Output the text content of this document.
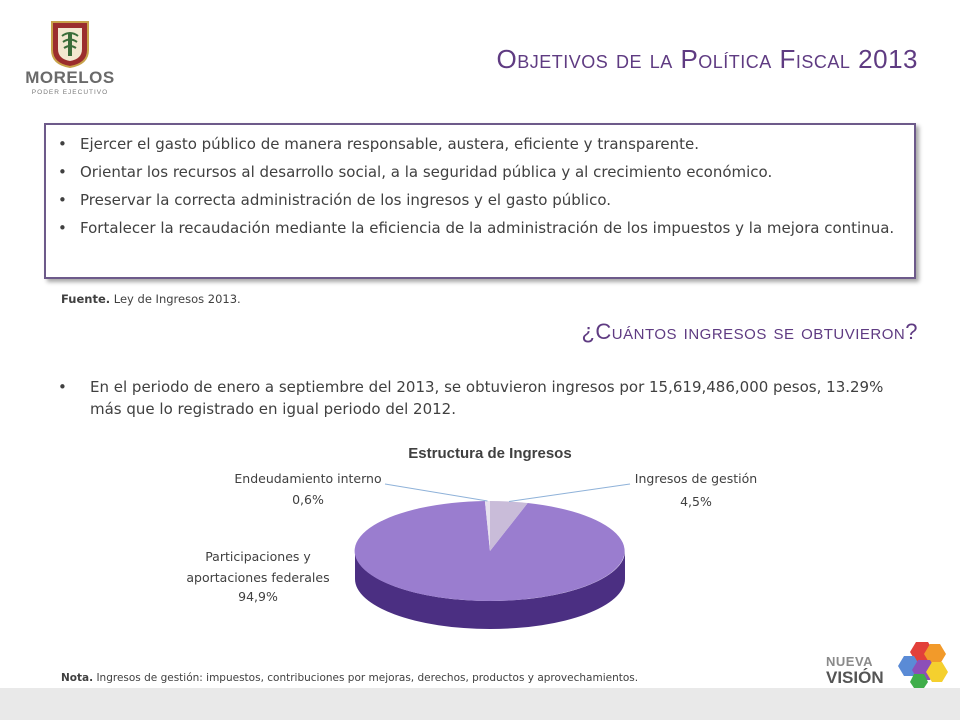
MORELOS
PODER EJECUTIVO
Objetivos de la Política Fiscal 2013
• Ejercer el gasto público de manera responsable, austera, eficiente y transparente.
• Orientar los recursos al desarrollo social, a la seguridad pública y al crecimiento económico.
• Preservar la correcta administración de los ingresos y el gasto público.
• Fortalecer la recaudación mediante la eficiencia de la administración de los impuestos y la mejora continua.
Fuente. Ley de Ingresos 2013.
¿Cuántos ingresos se obtuvieron?
• En el periodo de enero a septiembre del 2013, se obtuvieron ingresos por 15,619,486,000 pesos, 13.29% más que lo registrado en igual periodo del 2012.
Estructura de Ingresos
Endeudamiento interno
0,6%
Ingresos de gestión
4,5%
Participaciones y
aportaciones federales
94,9%
Nota. Ingresos de gestión: impuestos, contribuciones por mejoras, derechos, productos y aprovechamientos.
NUEVA
VISIÓN
